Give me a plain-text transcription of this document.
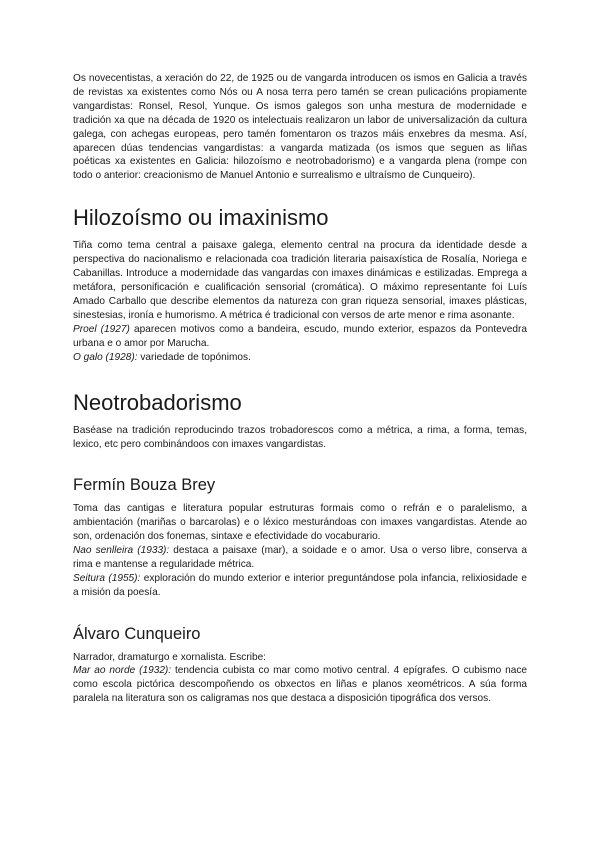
Os novecentistas, a xeración do 22, de 1925 ou de vangarda introducen os ismos en Galicia a través de revistas xa existentes como Nós ou A nosa terra pero tamén se crean pulicacións propiamente vangardistas: Ronsel, Resol, Yunque. Os ismos galegos son unha mestura de modernidade e tradición xa que na década de 1920 os intelectuais realizaron un labor de universalización da cultura galega, con achegas europeas, pero tamén fomentaron os trazos máis enxebres da mesma. Así, aparecen dúas tendencias vangardistas: a vangarda matizada (os ismos que seguen as liñas poéticas xa existentes en Galicia: hilozoísmo e neotrobadorismo) e a vangarda plena (rompe con todo o anterior: creacionismo de Manuel Antonio e surrealismo e ultraísmo de Cunqueiro).

Hilozoísmo ou imaxinismo

Tiña como tema central a paisaxe galega, elemento central na procura da identidade desde a perspectiva do nacionalismo e relacionada coa tradición literaria paisaxística de Rosalía, Noriega e Cabanillas. Introduce a modernidade das vangardas con imaxes dinámicas e estilizadas. Emprega a metáfora, personificación e cualificación sensorial (cromática). O máximo representante foi Luís Amado Carballo que describe elementos da natureza con gran riqueza sensorial, imaxes plásticas, sinestesias, ironía e humorismo. A métrica é tradicional con versos de arte menor e rima asonante.

Proel (1927) aparecen motivos como a bandeira, escudo, mundo exterior, espazos da Pontevedra urbana e o amor por Marucha.

O galo (1928): variedade de topónimos.

Neotrobadorismo

Baséase na tradición reproducindo trazos trobadorescos como a métrica, a rima, a forma, temas, lexico, etc pero combinándoos con imaxes vangardistas.

Fermín Bouza Brey

Toma das cantigas e literatura popular estruturas formais como o refrán e o paralelismo, a ambientación (mariñas o barcarolas) e o léxico mesturándoas con imaxes vangardistas. Atende ao son, ordenación dos fonemas, sintaxe e efectividade do vocaburario.

Nao senlleira (1933): destaca a paisaxe (mar), a soidade e o amor. Usa o verso libre, conserva a rima e mantense a regularidade métrica.

Seitura (1955): exploración do mundo exterior e interior preguntándose pola infancia, relixiosidade e a misión da poesía.

Álvaro Cunqueiro

Narrador, dramaturgo e xornalista. Escribe:

Mar ao norde (1932): tendencia cubista co mar como motivo central. 4 epígrafes. O cubismo nace como escola pictórica descompoñendo os obxectos en liñas e planos xeométricos. A súa forma paralela na literatura son os caligramas nos que destaca a disposición tipográfica dos versos.
